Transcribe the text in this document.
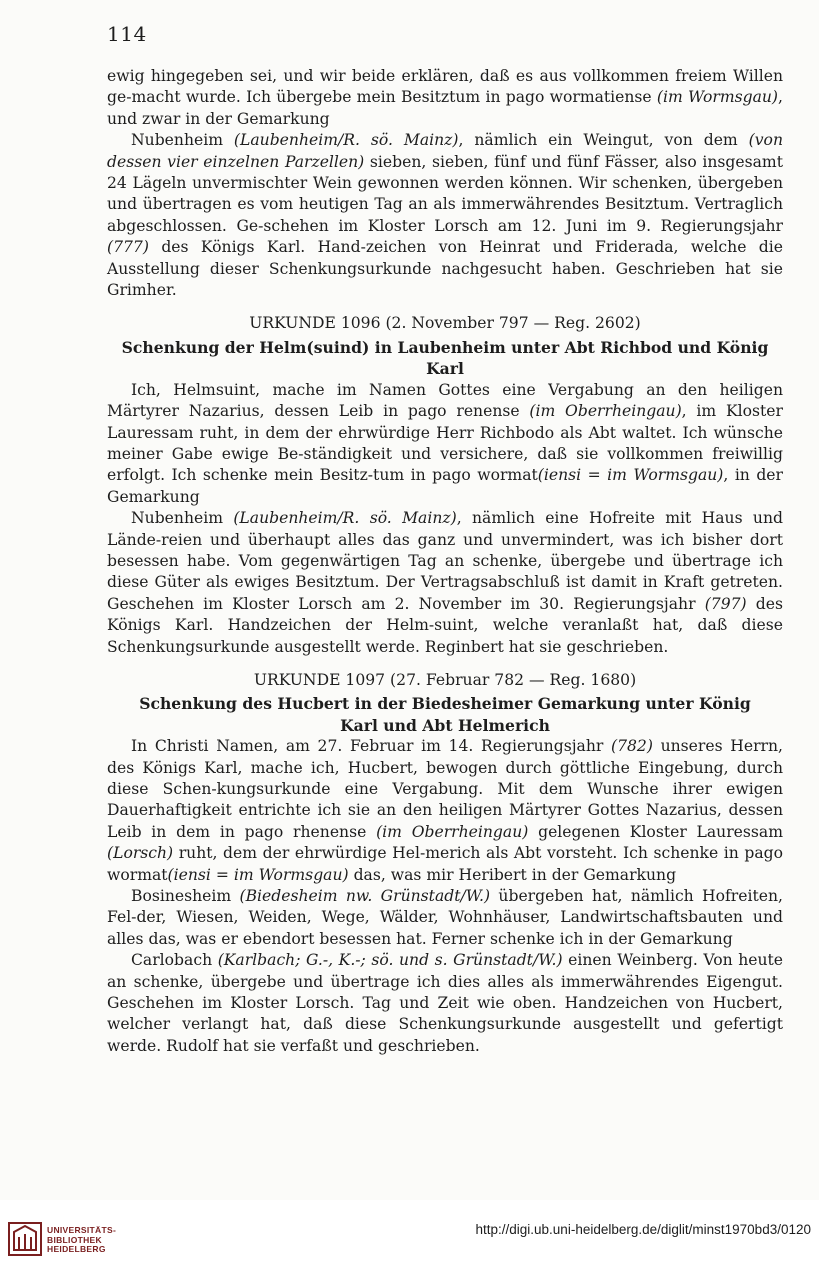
114

ewig hingegeben sei, und wir beide erklären, daß es aus vollkommen freiem Willen ge-macht wurde. Ich übergebe mein Besitztum in pago wormatiense (im Wormsgau), und zwar in der Gemarkung

Nubenheim (Laubenheim/R. sö. Mainz), nämlich ein Weingut, von dem (von dessen vier einzelnen Parzellen) sieben, sieben, fünf und fünf Fässer, also insgesamt 24 Lägeln unvermischter Wein gewonnen werden können. Wir schenken, übergeben und übertragen es vom heutigen Tag an als immerwährendes Besitztum. Vertraglich abgeschlossen. Ge-schehen im Kloster Lorsch am 12. Juni im 9. Regierungsjahr (777) des Königs Karl. Hand-zeichen von Heinrat und Friderada, welche die Ausstellung dieser Schenkungsurkunde nachgesucht haben. Geschrieben hat sie Grimher.

URKUNDE 1096 (2. November 797 — Reg. 2602)

Schenkung der Helm(suind) in Laubenheim unter Abt Richbod und König Karl

Ich, Helmsuint, mache im Namen Gottes eine Vergabung an den heiligen Märtyrer Nazarius, dessen Leib in pago renense (im Oberrheingau), im Kloster Lauressam ruht, in dem der ehrwürdige Herr Richbodo als Abt waltet. Ich wünsche meiner Gabe ewige Be-ständigkeit und versichere, daß sie vollkommen freiwillig erfolgt. Ich schenke mein Besitz-tum in pago wormat(iensi = im Wormsgau), in der Gemarkung

Nubenheim (Laubenheim/R. sö. Mainz), nämlich eine Hofreite mit Haus und Lände-reien und überhaupt alles das ganz und unvermindert, was ich bisher dort besessen habe. Vom gegenwärtigen Tag an schenke, übergebe und übertrage ich diese Güter als ewiges Besitztum. Der Vertragsabschluß ist damit in Kraft getreten. Geschehen im Kloster Lorsch am 2. November im 30. Regierungsjahr (797) des Königs Karl. Handzeichen der Helm-suint, welche veranlaßt hat, daß diese Schenkungsurkunde ausgestellt werde. Reginbert hat sie geschrieben.

URKUNDE 1097 (27. Februar 782 — Reg. 1680)

Schenkung des Hucbert in der Biedesheimer Gemarkung unter König
Karl und Abt Helmerich

In Christi Namen, am 27. Februar im 14. Regierungsjahr (782) unseres Herrn, des Königs Karl, mache ich, Hucbert, bewogen durch göttliche Eingebung, durch diese Schen-kungsurkunde eine Vergabung. Mit dem Wunsche ihrer ewigen Dauerhaftigkeit entrichte ich sie an den heiligen Märtyrer Gottes Nazarius, dessen Leib in dem in pago rhenense (im Oberrheingau) gelegenen Kloster Lauressam (Lorsch) ruht, dem der ehrwürdige Hel-merich als Abt vorsteht. Ich schenke in pago wormat(iensi = im Wormsgau) das, was mir Heribert in der Gemarkung

Bosinesheim (Biedesheim nw. Grünstadt/W.) übergeben hat, nämlich Hofreiten, Fel-der, Wiesen, Weiden, Wege, Wälder, Wohnhäuser, Landwirtschaftsbauten und alles das, was er ebendort besessen hat. Ferner schenke ich in der Gemarkung

Carlobach (Karlbach; G.-, K.-; sö. und s. Grünstadt/W.) einen Weinberg. Von heute an schenke, übergebe und übertrage ich dies alles als immerwährendes Eigengut. Geschehen im Kloster Lorsch. Tag und Zeit wie oben. Handzeichen von Hucbert, welcher verlangt hat, daß diese Schenkungsurkunde ausgestellt und gefertigt werde. Rudolf hat sie verfaßt und geschrieben.

UNIVERSITÄTS-
BIBLIOTHEK
HEIDELBERG
http://digi.ub.uni-heidelberg.de/diglit/minst1970bd3/0120
